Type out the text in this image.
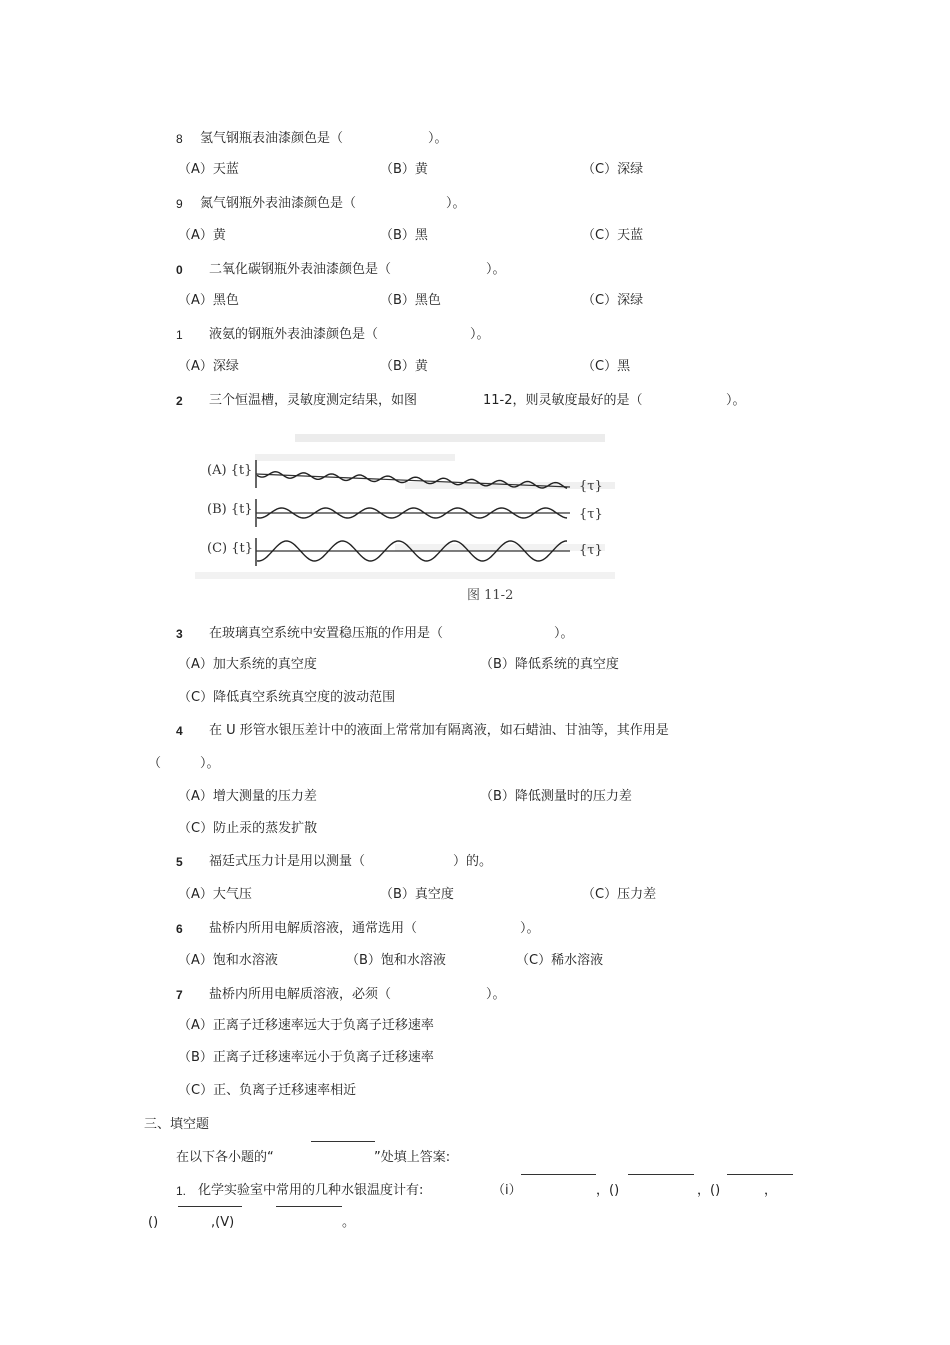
8 氢气钢瓶表油漆颜色是（	）。
（A）天蓝	（B）黄	（C）深绿
9 氮气钢瓶外表油漆颜色是（	）。
（A）黄	（B）黑	（C）天蓝
0 二氧化碳钢瓶外表油漆颜色是（	）。
（A）黑色	（B）黑色	（C）深绿
1 液氨的钢瓶外表油漆颜色是（	）。
（A）深绿	（B）黄	（C）黑
2 三个恒温槽，灵敏度测定结果，如图	11-2，则灵敏度最好的是（	）。
(A) {t}
(B) {t}
(C) {t}
{τ}
{τ}
{τ}
图 11-2
3 在玻璃真空系统中安置稳压瓶的作用是（	）。
（A）加大系统的真空度	（B）降低系统的真空度
（C）降低真空系统真空度的波动范围
4 在 U 形管水银压差计中的液面上常常加有隔离液，如石蜡油、甘油等，其作用是
（	）。
（A）增大测量的压力差	（B）降低测量时的压力差
（C）防止汞的蒸发扩散
5 福廷式压力计是用以测量（	）的。
（A）大气压	（B）真空度	（C）压力差
6 盐桥内所用电解质溶液，通常选用（	）。
（A）饱和水溶液	（B）饱和水溶液	（C）稀水溶液
7 盐桥内所用电解质溶液，必须（	）。
（A）正离子迁移速率远大于负离子迁移速率
（B）正离子迁移速率远小于负离子迁移速率
（C）正、负离子迁移速率相近
三、填空题
在以下各小题的“	”处填上答案:
1. 化学实验室中常用的几种水银温度计有:	（i）	，()	，()	，
()	,(V)	。
